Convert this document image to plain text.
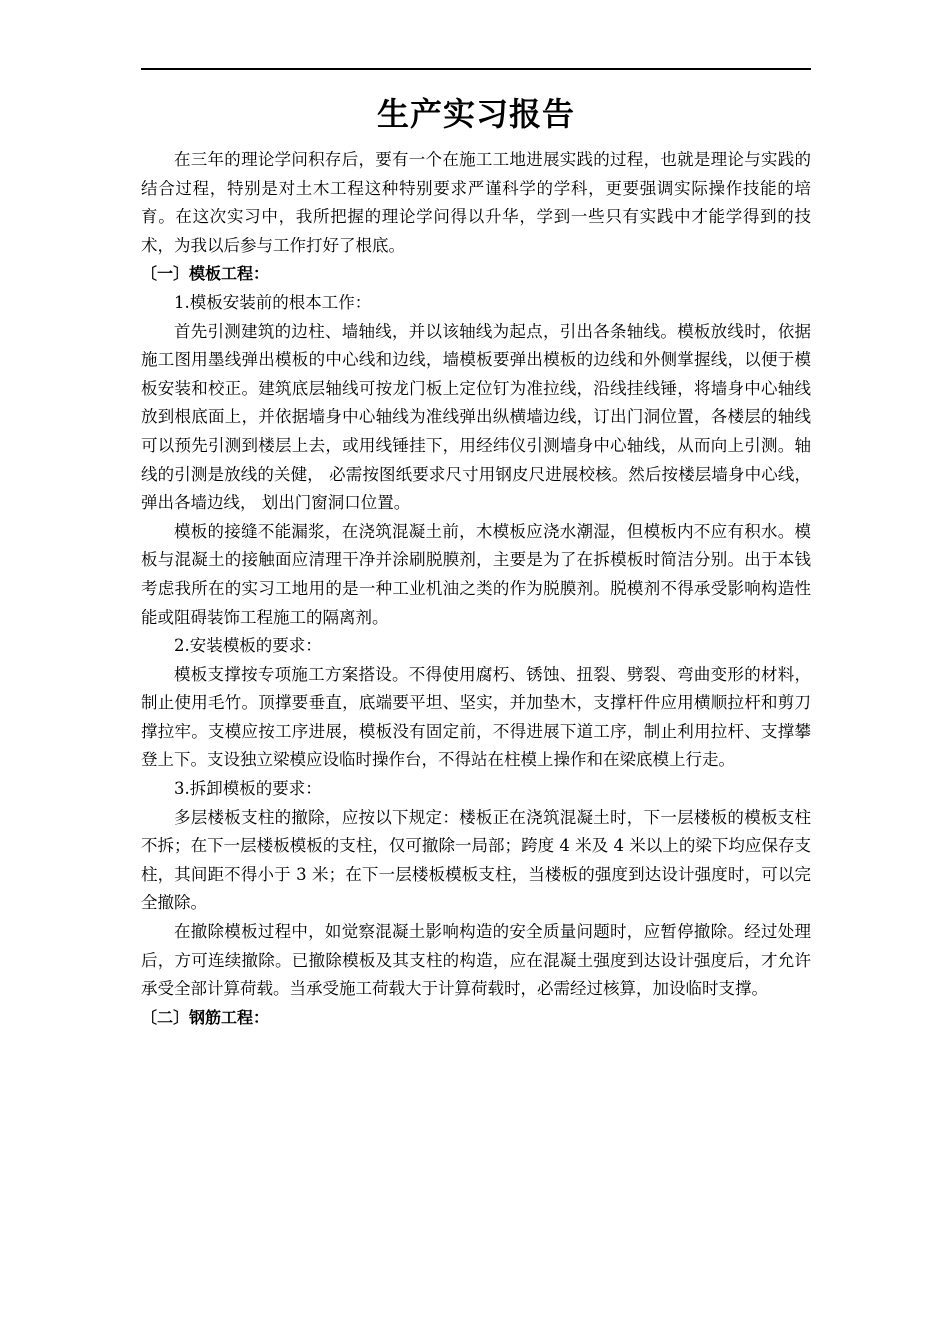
生产实习报告

在三年的理论学问积存后，要有一个在施工工地进展实践的过程，也就是理论与实践的结合过程，特别是对土木工程这种特别要求严谨科学的学科，更要强调实际操作技能的培育。在这次实习中，我所把握的理论学问得以升华，学到一些只有实践中才能学得到的技术，为我以后参与工作打好了根底。

〔一〕模板工程：

1.模板安装前的根本工作：

首先引测建筑的边柱、墙轴线，并以该轴线为起点，引出各条轴线。模板放线时，依据施工图用墨线弹出模板的中心线和边线，墙模板要弹出模板的边线和外侧掌握线，以便于模板安装和校正。建筑底层轴线可按龙门板上定位钉为准拉线，沿线挂线锤，将墙身中心轴线放到根底面上，并依据墙身中心轴线为准线弹出纵横墙边线，订出门洞位置，各楼层的轴线可以预先引测到楼层上去，或用线锤挂下，用经纬仪引测墙身中心轴线，从而向上引测。轴线的引测是放线的关健， 必需按图纸要求尺寸用钢皮尺进展校核。然后按楼层墙身中心线，弹出各墙边线， 划出门窗洞口位置。

模板的接缝不能漏浆，在浇筑混凝土前，木模板应浇水潮湿，但模板内不应有积水。模板与混凝土的接触面应清理干净并涂刷脱膜剂，主要是为了在拆模板时简洁分别。出于本钱考虑我所在的实习工地用的是一种工业机油之类的作为脱膜剂。脱模剂不得承受影响构造性能或阻碍装饰工程施工的隔离剂。

2.安装模板的要求：

模板支撑按专项施工方案搭设。不得使用腐朽、锈蚀、扭裂、劈裂、弯曲变形的材料，制止使用毛竹。顶撑要垂直，底端要平坦、坚实，并加垫木，支撑杆件应用横顺拉杆和剪刀撑拉牢。支模应按工序进展，模板没有固定前，不得进展下道工序，制止利用拉杆、支撑攀登上下。支设独立梁模应设临时操作台，不得站在柱模上操作和在梁底模上行走。

3.拆卸模板的要求：

多层楼板支柱的撤除，应按以下规定：楼板正在浇筑混凝土时，下一层楼板的模板支柱不拆；在下一层楼板模板的支柱，仅可撤除一局部；跨度 4 米及 4 米以上的梁下均应保存支柱，其间距不得小于 3 米；在下一层楼板模板支柱，当楼板的强度到达设计强度时，可以完全撤除。

在撤除模板过程中，如觉察混凝土影响构造的安全质量问题时，应暂停撤除。经过处理后，方可连续撤除。已撤除模板及其支柱的构造，应在混凝土强度到达设计强度后，才允许承受全部计算荷载。当承受施工荷载大于计算荷载时，必需经过核算，加设临时支撑。

〔二〕钢筋工程：
